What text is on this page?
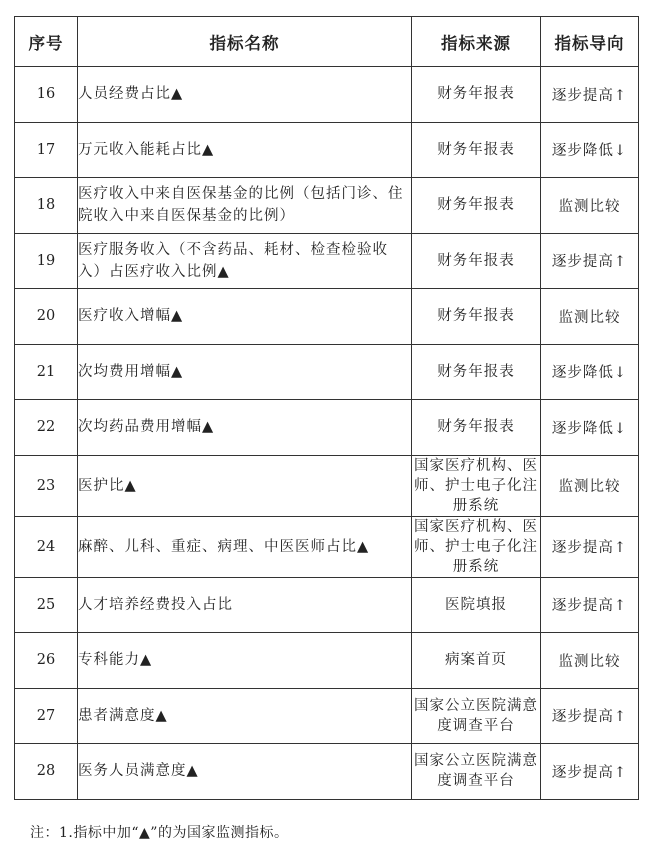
序号	指标名称	指标来源	指标导向
16	人员经费占比▲	财务年报表	逐步提高↑
17	万元收入能耗占比▲	财务年报表	逐步降低↓
18	医疗收入中来自医保基金的比例（包括门诊、住院收入中来自医保基金的比例）	财务年报表	监测比较
19	医疗服务收入（不含药品、耗材、检查检验收入）占医疗收入比例▲	财务年报表	逐步提高↑
20	医疗收入增幅▲	财务年报表	监测比较
21	次均费用增幅▲	财务年报表	逐步降低↓
22	次均药品费用增幅▲	财务年报表	逐步降低↓
23	医护比▲	国家医疗机构、医师、护士电子化注册系统	监测比较
24	麻醉、儿科、重症、病理、中医医师占比▲	国家医疗机构、医师、护士电子化注册系统	逐步提高↑
25	人才培养经费投入占比	医院填报	逐步提高↑
26	专科能力▲	病案首页	监测比较
27	患者满意度▲	国家公立医院满意度调查平台	逐步提高↑
28	医务人员满意度▲	国家公立医院满意度调查平台	逐步提高↑
注：1.指标中加“▲”的为国家监测指标。
